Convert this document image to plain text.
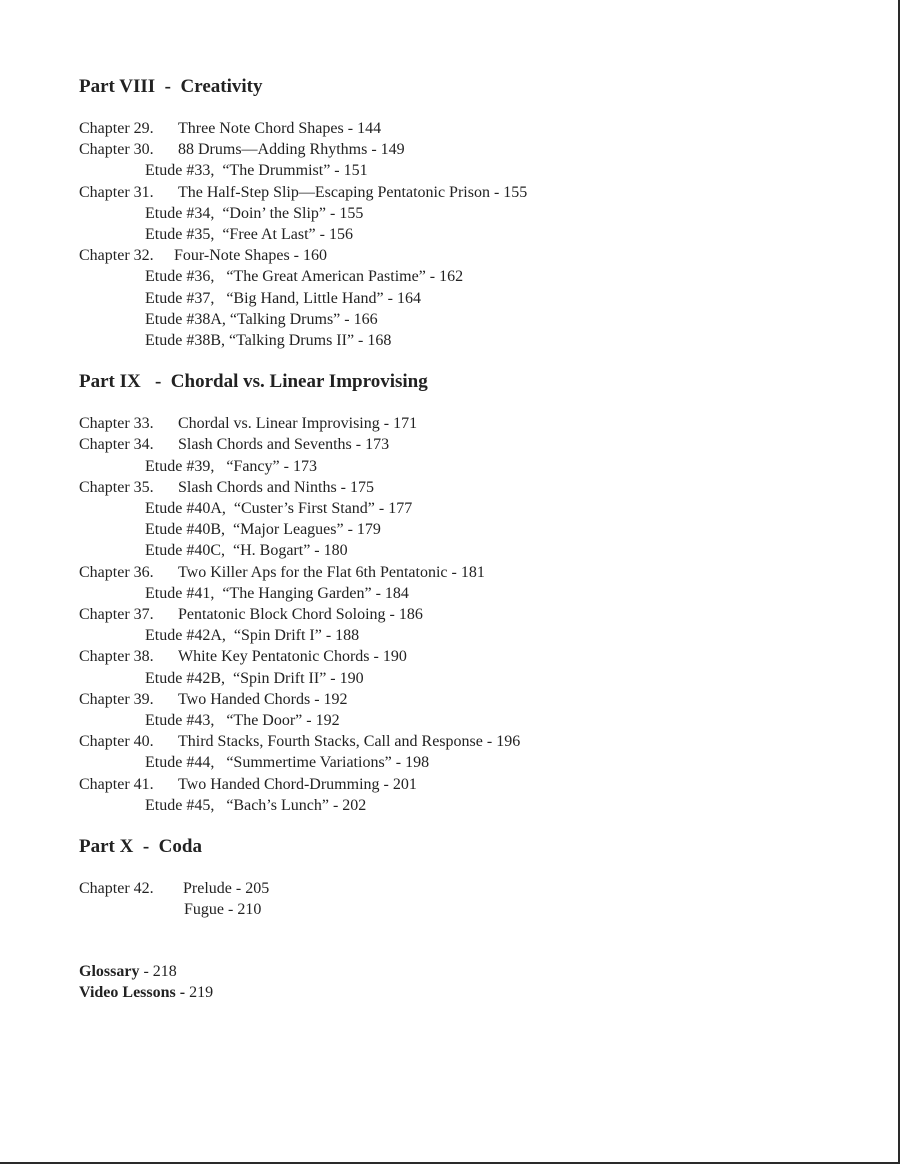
Part VIII  -  Creativity
Chapter 29. Three Note Chord Shapes - 144
Chapter 30. 88 Drums—Adding Rhythms - 149
Etude #33,  “The Drummist” - 151
Chapter 31. The Half-Step Slip—Escaping Pentatonic Prison - 155
Etude #34,  “Doin’ the Slip” - 155
Etude #35,  “Free At Last” - 156
Chapter 32. Four-Note Shapes - 160
Etude #36,   “The Great American Pastime” - 162
Etude #37,   “Big Hand, Little Hand” - 164
Etude #38A, “Talking Drums” - 166
Etude #38B, “Talking Drums II” - 168
Part IX   -  Chordal vs. Linear Improvising
Chapter 33. Chordal vs. Linear Improvising - 171
Chapter 34. Slash Chords and Sevenths - 173
Etude #39,   “Fancy” - 173
Chapter 35. Slash Chords and Ninths - 175
Etude #40A,  “Custer’s First Stand” - 177
Etude #40B,  “Major Leagues” - 179
Etude #40C,  “H. Bogart” - 180
Chapter 36. Two Killer Aps for the Flat 6th Pentatonic - 181
Etude #41,  “The Hanging Garden” - 184
Chapter 37. Pentatonic Block Chord Soloing - 186
Etude #42A,  “Spin Drift I” - 188
Chapter 38. White Key Pentatonic Chords - 190
Etude #42B,  “Spin Drift II” - 190
Chapter 39. Two Handed Chords - 192
Etude #43,   “The Door” - 192
Chapter 40. Third Stacks, Fourth Stacks, Call and Response - 196
Etude #44,   “Summertime Variations” - 198
Chapter 41. Two Handed Chord-Drumming - 201
Etude #45,   “Bach’s Lunch” - 202
Part X  -  Coda
Chapter 42. Prelude - 205
Fugue - 210
Glossary - 218
Video Lessons - 219
